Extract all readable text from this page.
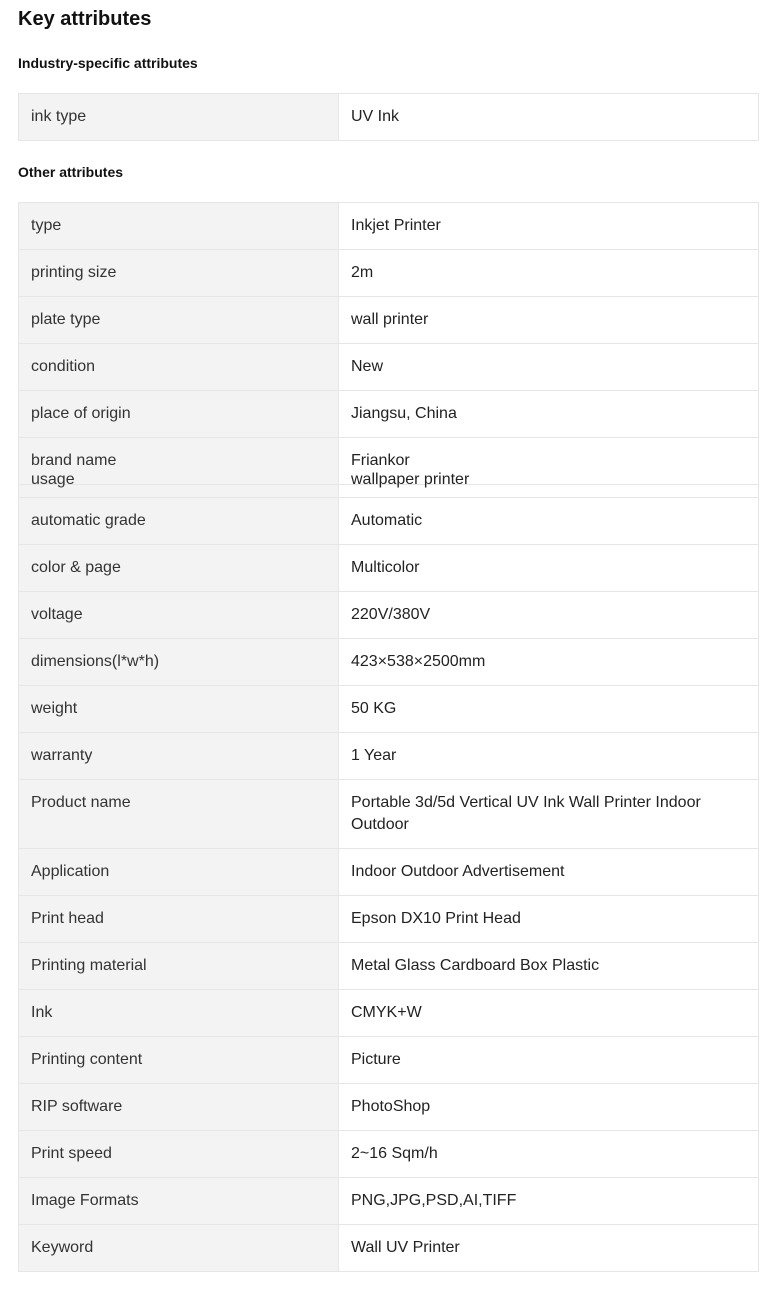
Key attributes
Industry-specific attributes
ink type	UV Ink
Other attributes
type	Inkjet Printer
printing size	2m
plate type	wall printer
condition	New
place of origin	Jiangsu, China
brand name	Friankor

usage	wallpaper printer

automatic grade	Automatic
color & page	Multicolor
voltage	220V/380V
dimensions(l*w*h)	423×538×2500mm
weight	50 KG
warranty	1 Year
Product name	Portable 3d/5d Vertical UV Ink Wall Printer Indoor Outdoor
Application	Indoor Outdoor Advertisement
Print head	Epson DX10 Print Head
Printing material	Metal Glass Cardboard Box Plastic
Ink	CMYK+W
Printing content	Picture
RIP software	PhotoShop
Print speed	2~16 Sqm/h
Image Formats	PNG,JPG,PSD,AI,TIFF
Keyword	Wall UV Printer
